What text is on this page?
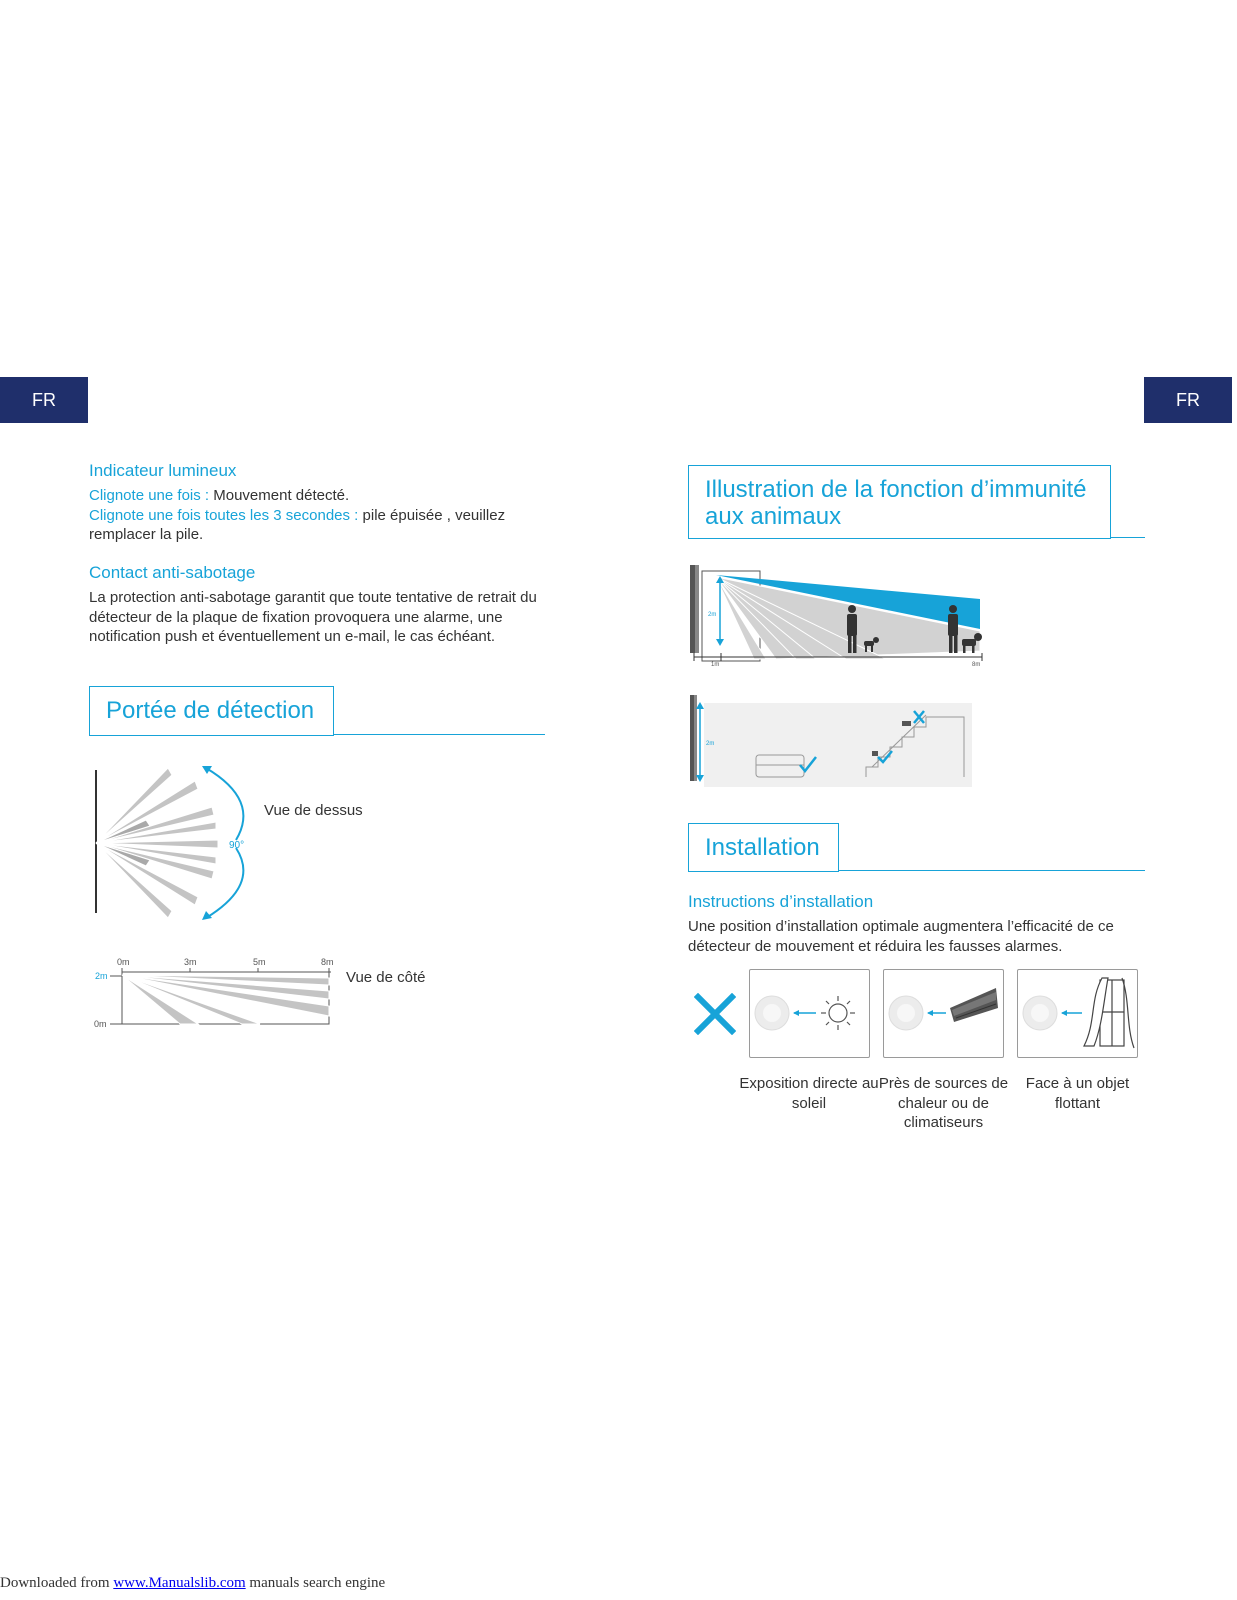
FR	FR
Indicateur lumineux
Clignote une fois : Mouvement détecté.
Clignote une fois toutes les 3 secondes : pile épuisée , veuillez remplacer la pile.
Contact anti-sabotage
La protection anti-sabotage garantit que toute tentative de retrait du détecteur de la plaque de fixation provoquera une alarme, une notification push et éventuellement un e-mail, le cas échéant.
Portée de détection
90°
Vue de dessus
0m	3m	5m	8m
2m
0m
Vue de côté
Illustration de la fonction d’immunité aux animaux
2m
1m	8m
2m
Installation
Instructions d’installation
Une position d’installation optimale augmentera l’efficacité de ce détecteur de mouvement et réduira les fausses alarmes.
Exposition directe au soleil
Près de sources de chaleur ou de climatiseurs
Face à un objet flottant
Downloaded from www.Manualslib.com manuals search engine
